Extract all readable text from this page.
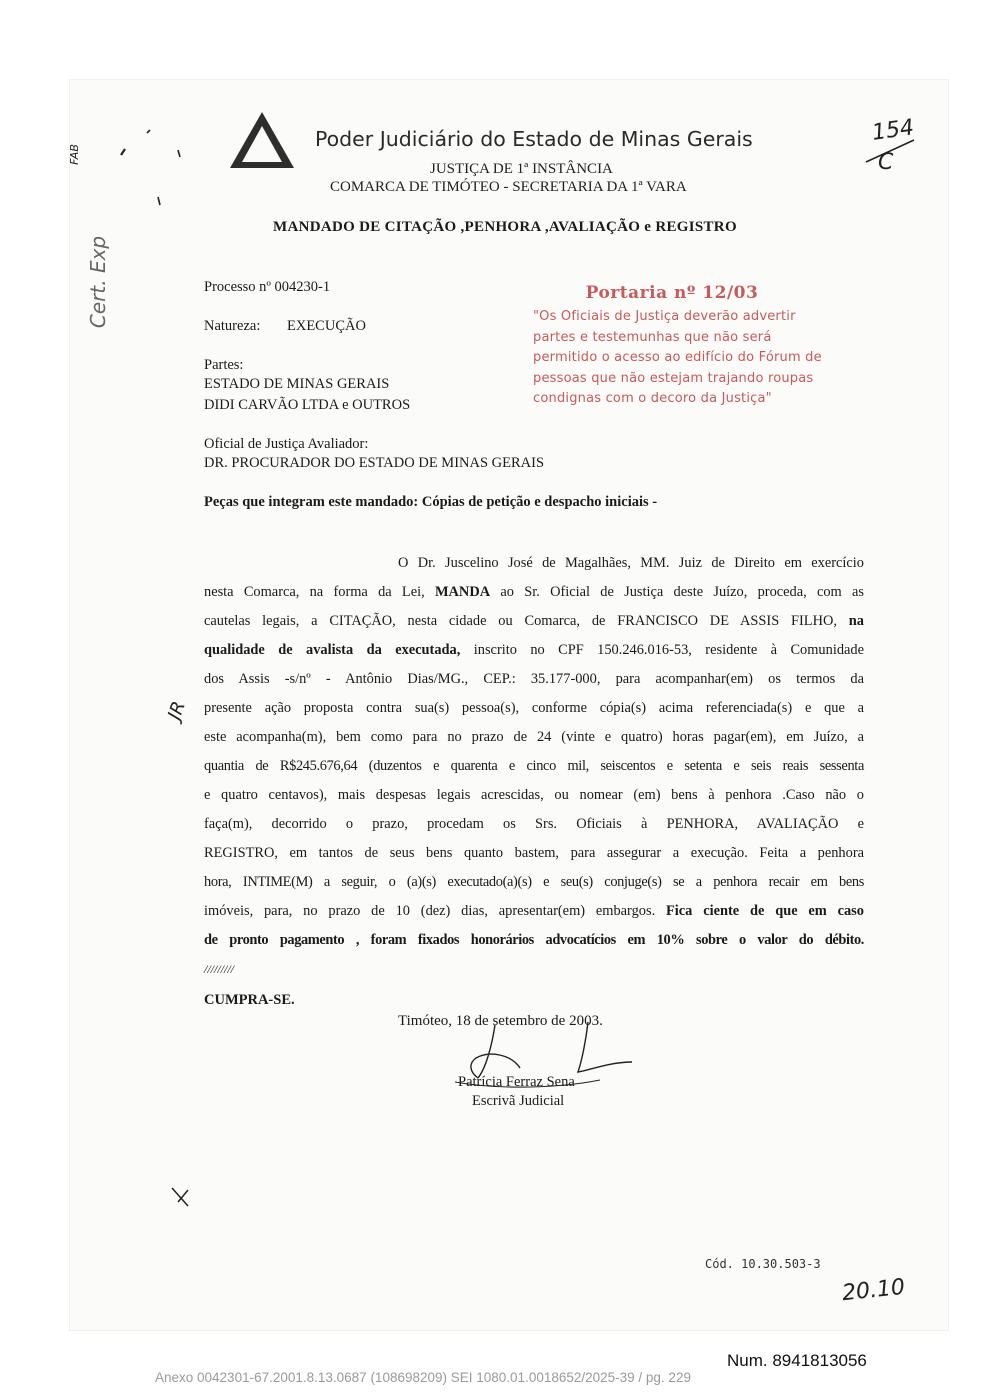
Poder Judiciário do Estado de Minas Gerais
JUSTIÇA DE 1ª INSTÂNCIA
COMARCA DE TIMÓTEO - SECRETARIA DA 1ª VARA
MANDADO DE CITAÇÃO ,PENHORA ,AVALIAÇÃO e REGISTRO
Processo nº 004230-1
Natureza: EXECUÇÃO
Partes:
ESTADO DE MINAS GERAIS
DIDI CARVÃO LTDA e OUTROS
Oficial de Justiça Avaliador:
DR. PROCURADOR DO ESTADO DE MINAS GERAIS
Portaria nº 12/03
"Os Oficiais de Justiça deverão advertir
partes e testemunhas que não será
permitido o acesso ao edifício do Fórum de
pessoas que não estejam trajando roupas
condignas com o decoro da Justiça"
Peças que integram este mandado: Cópias de petição e despacho iniciais -
O Dr. Juscelino José de Magalhães, MM. Juiz de Direito em exercício
nesta Comarca, na forma da Lei, MANDA ao Sr. Oficial de Justiça deste Juízo, proceda, com as
cautelas legais, a CITAÇÃO, nesta cidade ou Comarca, de FRANCISCO DE ASSIS FILHO, na
qualidade de avalista da executada, inscrito no CPF 150.246.016-53, residente à Comunidade
dos Assis -s/nº - Antônio Dias/MG., CEP.: 35.177-000, para acompanhar(em) os termos da
presente ação proposta contra sua(s) pessoa(s), conforme cópia(s) acima referenciada(s) e que a
este acompanha(m), bem como para no prazo de 24 (vinte e quatro) horas pagar(em), em Juízo, a
quantia de R$245.676,64 (duzentos e quarenta e cinco mil, seiscentos e setenta e seis reais sessenta
e quatro centavos), mais despesas legais acrescidas, ou nomear (em) bens à penhora .Caso não o
faça(m), decorrido o prazo, procedam os Srs. Oficiais à PENHORA, AVALIAÇÃO e
REGISTRO, em tantos de seus bens quanto bastem, para assegurar a execução. Feita a penhora
hora, INTIME(M) a seguir, o (a)(s) executado(a)(s) e seu(s) conjuge(s) se a penhora recair em bens
imóveis, para, no prazo de 10 (dez) dias, apresentar(em) embargos. Fica ciente de que em caso
de pronto pagamento , foram fixados honorários advocatícios em 10% sobre o valor do débito.
/////////
CUMPRA-SE.
Timóteo, 18 de setembro de 2003.
Patrícia Ferraz Sena
Escrivã Judicial
Cód. 10.30.503-3
154
C
20.10
JR
FAB
Cert. Exp
Num. 8941813056
Anexo 0042301-67.2001.8.13.0687 (108698209) SEI 1080.01.0018652/2025-39 / pg. 229
